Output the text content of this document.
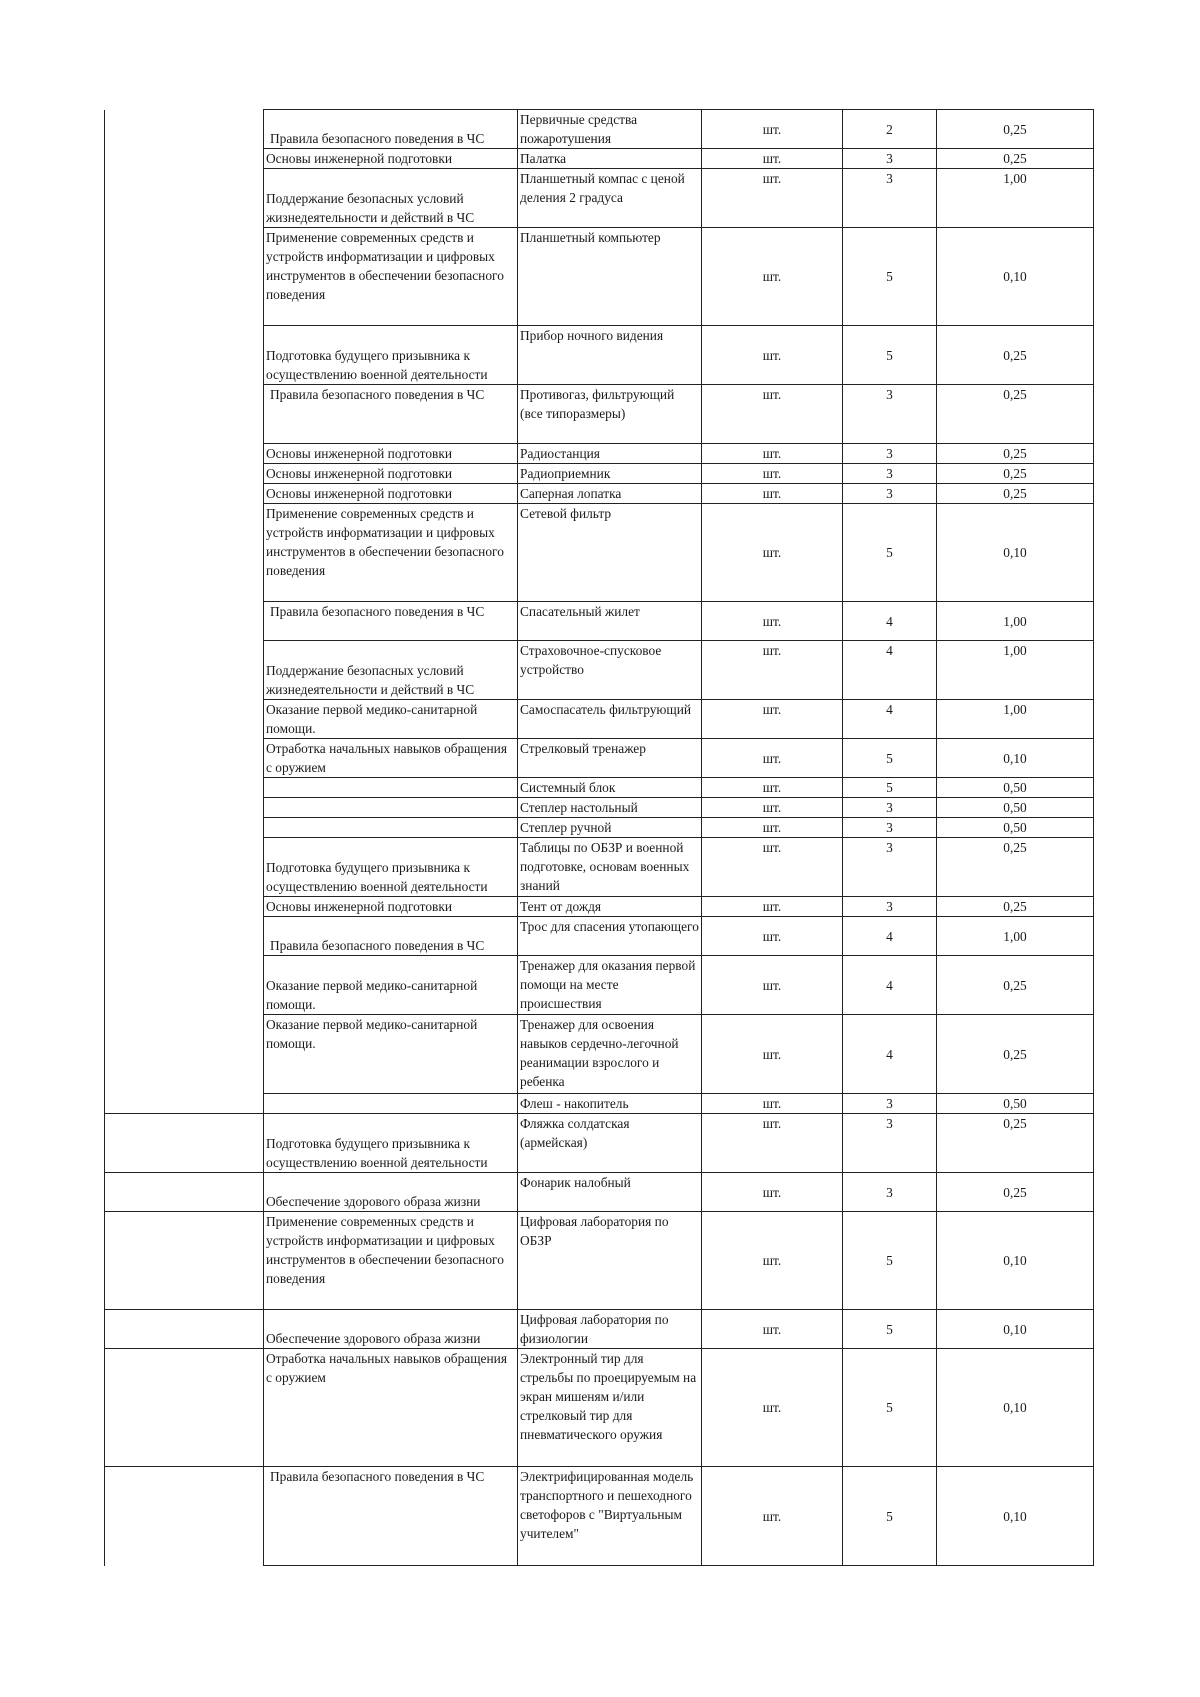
	Правила безопасного поведения в ЧС	Первичные средства пожаротушения	шт.	2	0,25
	Основы инженерной подготовки	Палатка	шт.	3	0,25
	Поддержание безопасных условий жизнедеятельности и действий в ЧС	Планшетный компас с ценой деления 2 градуса	шт.	3	1,00

	Применение современных средств и устройств информатизации и цифровых инструментов в обеспечении безопасного поведения	Планшетный компьютер	шт.	5	0,10
	Подготовка будущего призывника к осуществлению военной деятельности	Прибор ночного видения	шт.	5	0,25
	Правила безопасного поведения в ЧС	Противогаз, фильтрующий (все типоразмеры)	шт.	3	0,25

	Основы инженерной подготовки	Радиостанция	шт.	3	0,25
	Основы инженерной подготовки	Радиоприемник	шт.	3	0,25
	Основы инженерной подготовки	Саперная лопатка	шт.	3	0,25
	Применение современных средств и устройств информатизации и цифровых инструментов в обеспечении безопасного поведения	Сетевой фильтр	шт.	5	0,10
	Правила безопасного поведения в ЧС	Спасательный жилет	шт.	4	1,00
	Поддержание безопасных условий жизнедеятельности и действий в ЧС	Страховочное-спусковое устройство	шт.	4	1,00

	Оказание первой медико-санитарной помощи.	Самоспасатель фильтрующий	шт.	4	1,00

	Отработка начальных навыков обращения с оружием	Стрелковый тренажер	шт.	5	0,10
		Системный блок	шт.	5	0,50
		Степлер настольный	шт.	3	0,50
		Степлер ручной	шт.	3	0,50
	Подготовка будущего призывника к осуществлению военной деятельности	Таблицы по ОБЗР и военной подготовке, основам военных знаний	шт.	3	0,25

	Основы инженерной подготовки	Тент от дождя	шт.	3	0,25
	Правила безопасного поведения в ЧС	Трос для спасения утопающего	шт.	4	1,00
	Оказание первой медико-санитарной помощи.	Тренажер для оказания первой помощи на месте происшествия	шт.	4	0,25
	Оказание первой медико-санитарной помощи.	Тренажер для освоения навыков сердечно-легочной реанимации взрослого и ребенка	шт.	4	0,25
		Флеш - накопитель	шт.	3	0,50
	Подготовка будущего призывника к осуществлению военной деятельности	Фляжка солдатская (армейская)	шт.	3	0,25

	Обеспечение здорового образа жизни	Фонарик налобный	шт.	3	0,25
	Применение современных средств и устройств информатизации и цифровых инструментов в обеспечении безопасного поведения	Цифровая лаборатория по ОБЗР	шт.	5	0,10
	Обеспечение здорового образа жизни	Цифровая лаборатория по физиологии	шт.	5	0,10
	Отработка начальных навыков обращения с оружием	Электронный тир для стрельбы по проецируемым на экран мишеням и/или стрелковый тир для пневматического оружия	шт.	5	0,10
	Правила безопасного поведения в ЧС	Электрифицированная модель транспортного и пешеходного светофоров с "Виртуальным учителем"	шт.	5	0,10
